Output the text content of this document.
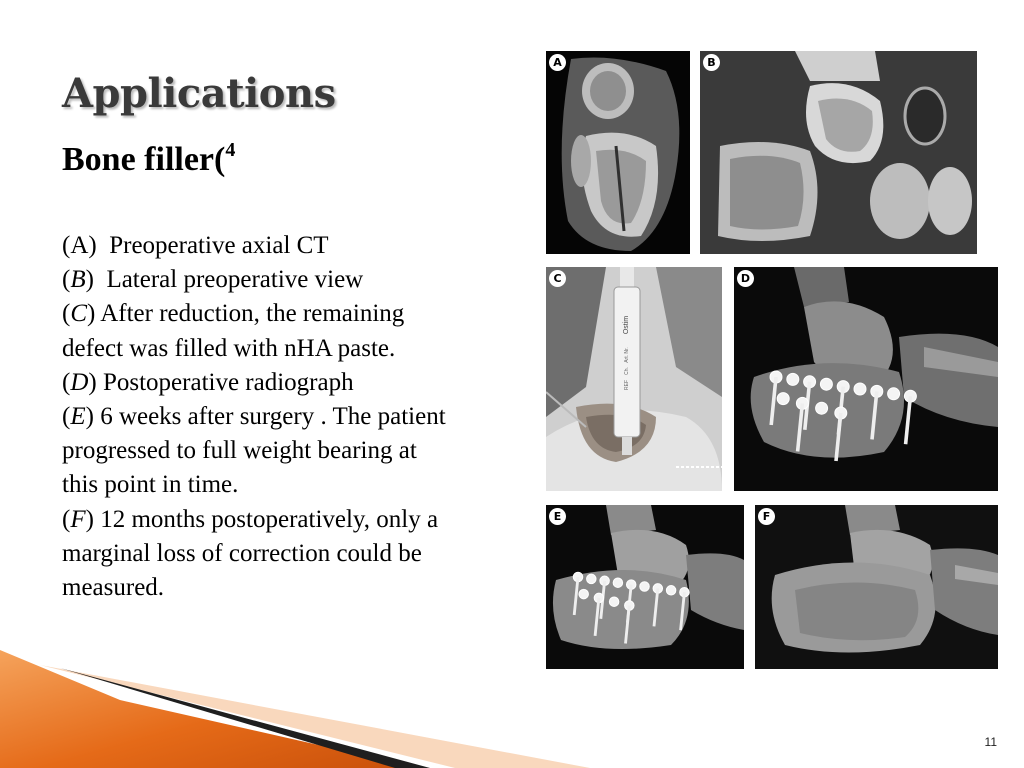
Applications
Bone filler($^4$
(A)  Preoperative axial CT
(B)  Lateral preoperative view
(C) After reduction, the remaining
defect was filled with nHA paste.
(D) Postoperative radiograph
(E) 6 weeks after surgery . The patient
progressed to full weight bearing at
this point in time.
(F) 12 months postoperatively, only a
marginal loss of correction could be
measured.
A	B
Ostim
Art. Nr.
Ch.
REF
C	D
E	F
11
